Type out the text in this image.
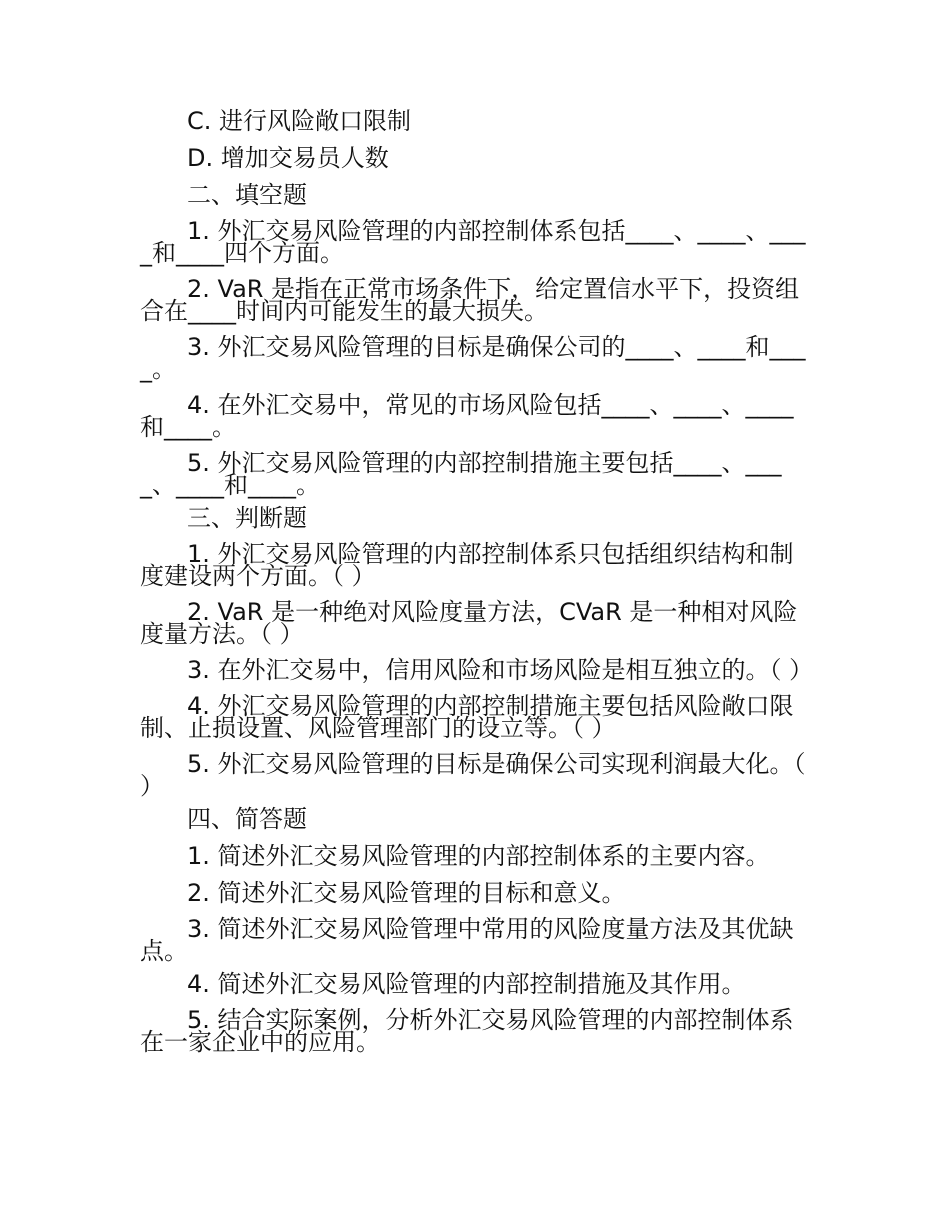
C. 进行风险敞口限制

D. 增加交易员人数

二、填空题

1. 外汇交易风险管理的内部控制体系包括____、____、____和____四个方面。

2. VaR 是指在正常市场条件下，给定置信水平下，投资组合在____时间内可能发生的最大损失。

3. 外汇交易风险管理的目标是确保公司的____、____和____。

4. 在外汇交易中，常见的市场风险包括____、____、____和____。

5. 外汇交易风险管理的内部控制措施主要包括____、____、____和____。

三、判断题

1. 外汇交易风险管理的内部控制体系只包括组织结构和制度建设两个方面。（ ）

2. VaR 是一种绝对风险度量方法，CVaR 是一种相对风险度量方法。（ ）

3. 在外汇交易中，信用风险和市场风险是相互独立的。（ ）

4. 外汇交易风险管理的内部控制措施主要包括风险敞口限制、止损设置、风险管理部门的设立等。（ ）

5. 外汇交易风险管理的目标是确保公司实现利润最大化。（ ）

四、简答题

1. 简述外汇交易风险管理的内部控制体系的主要内容。

2. 简述外汇交易风险管理的目标和意义。

3. 简述外汇交易风险管理中常用的风险度量方法及其优缺点。

4. 简述外汇交易风险管理的内部控制措施及其作用。

5. 结合实际案例，分析外汇交易风险管理的内部控制体系在一家企业中的应用。
